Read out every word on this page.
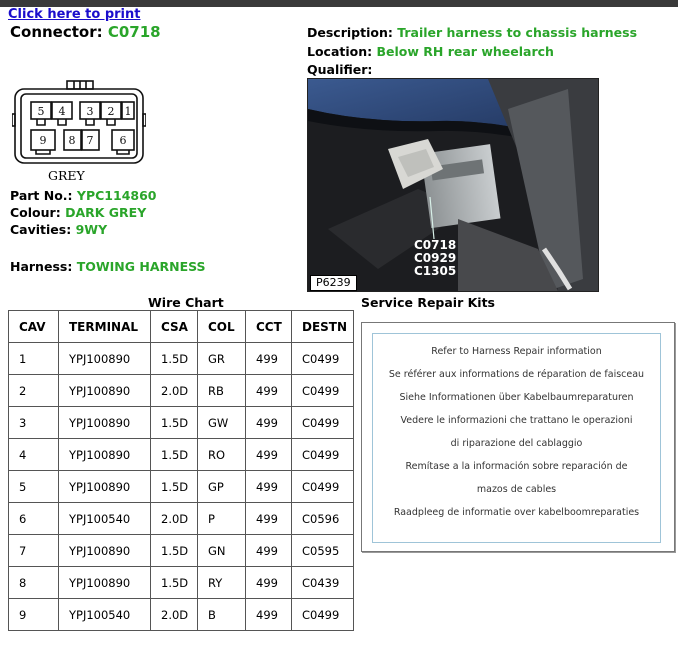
Click here to print
Connector: C0718	Description: Trailer harness to chassis harness
Location: Below RH rear wheelarch
Qualifier:
5 4 3 2 1
9 8 7 6
GREY
Part No.: YPC114860
Colour: DARK GREY
Cavities: 9WY
Harness: TOWING HARNESS
C0718
C0929
C1305
P6239
Wire Chart
CAV	TERMINAL	CSA	COL	CCT	DESTN
1	YPJ100890	1.5D	GR	499	C0499
2	YPJ100890	2.0D	RB	499	C0499
3	YPJ100890	1.5D	GW	499	C0499
4	YPJ100890	1.5D	RO	499	C0499
5	YPJ100890	1.5D	GP	499	C0499
6	YPJ100540	2.0D	P	499	C0596
7	YPJ100890	1.5D	GN	499	C0595
8	YPJ100890	1.5D	RY	499	C0439
9	YPJ100540	2.0D	B	499	C0499
Service Repair Kits
Refer to Harness Repair information
Se référer aux informations de réparation de faisceau
Siehe Informationen über Kabelbaumreparaturen
Vedere le informazioni che trattano le operazioni
di riparazione del cablaggio
Remítase a la información sobre reparación de
mazos de cables
Raadpleeg de informatie over kabelboomreparaties
